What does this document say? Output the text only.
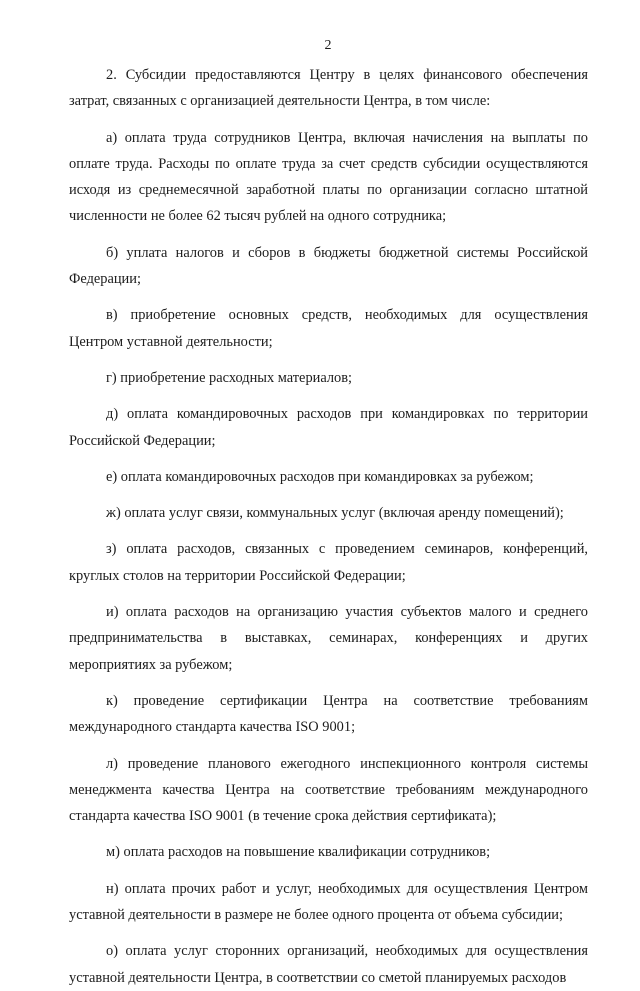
2

2. Субсидии предоставляются Центру в целях финансового обеспечения затрат, связанных с организацией деятельности Центра, в том числе:

а) оплата труда сотрудников Центра, включая начисления на выплаты по оплате труда. Расходы по оплате труда за счет средств субсидии осуществляются исходя из среднемесячной заработной платы по организации согласно штатной численности не более 62 тысяч рублей на одного сотрудника;

б) уплата налогов и сборов в бюджеты бюджетной системы Российской Федерации;

в) приобретение основных средств, необходимых для осуществления Центром уставной деятельности;

г) приобретение расходных материалов;

д) оплата командировочных расходов при командировках по территории Российской Федерации;

е) оплата командировочных расходов при командировках за рубежом;

ж) оплата услуг связи, коммунальных услуг (включая аренду помещений);

з) оплата расходов, связанных с проведением семинаров, конференций, круглых столов на территории Российской Федерации;

и) оплата расходов на организацию участия субъектов малого и среднего предпринимательства в выставках, семинарах, конференциях и других мероприятиях за рубежом;

к) проведение сертификации Центра на соответствие требованиям международного стандарта качества ISO 9001;

л) проведение планового ежегодного инспекционного контроля системы менеджмента качества Центра на соответствие требованиям международного стандарта качества ISO 9001 (в течение срока действия сертификата);

м) оплата расходов на повышение квалификации сотрудников;

н) оплата прочих работ и услуг, необходимых для осуществления Центром уставной деятельности в размере не более одного процента от объема субсидии;

о) оплата услуг сторонних организаций, необходимых для осуществления уставной деятельности Центра, в соответствии со сметой планируемых расходов
